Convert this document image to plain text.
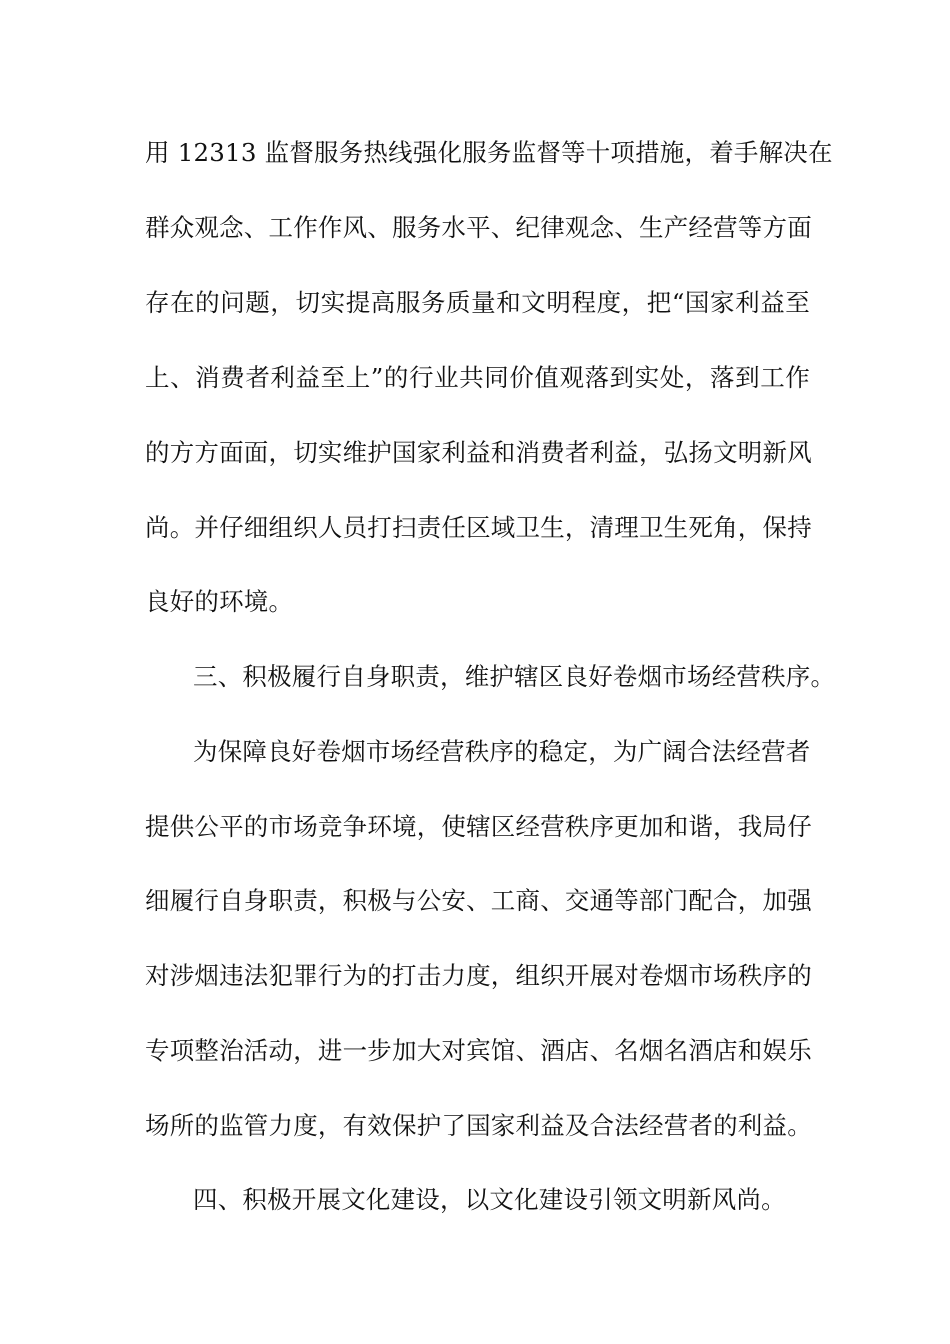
用 12313 监督服务热线强化服务监督等十项措施，着手解决在
群众观念、工作作风、服务水平、纪律观念、生产经营等方面
存在的问题，切实提高服务质量和文明程度，把“国家利益至
上、消费者利益至上”的行业共同价值观落到实处，落到工作
的方方面面，切实维护国家利益和消费者利益，弘扬文明新风
尚。并仔细组织人员打扫责任区域卫生，清理卫生死角，保持
良好的环境。
三、积极履行自身职责，维护辖区良好卷烟市场经营秩序。
为保障良好卷烟市场经营秩序的稳定，为广阔合法经营者
提供公平的市场竞争环境，使辖区经营秩序更加和谐，我局仔
细履行自身职责，积极与公安、工商、交通等部门配合，加强
对涉烟违法犯罪行为的打击力度，组织开展对卷烟市场秩序的
专项整治活动，进一步加大对宾馆、酒店、名烟名酒店和娱乐
场所的监管力度，有效保护了国家利益及合法经营者的利益。
四、积极开展文化建设，以文化建设引领文明新风尚。
